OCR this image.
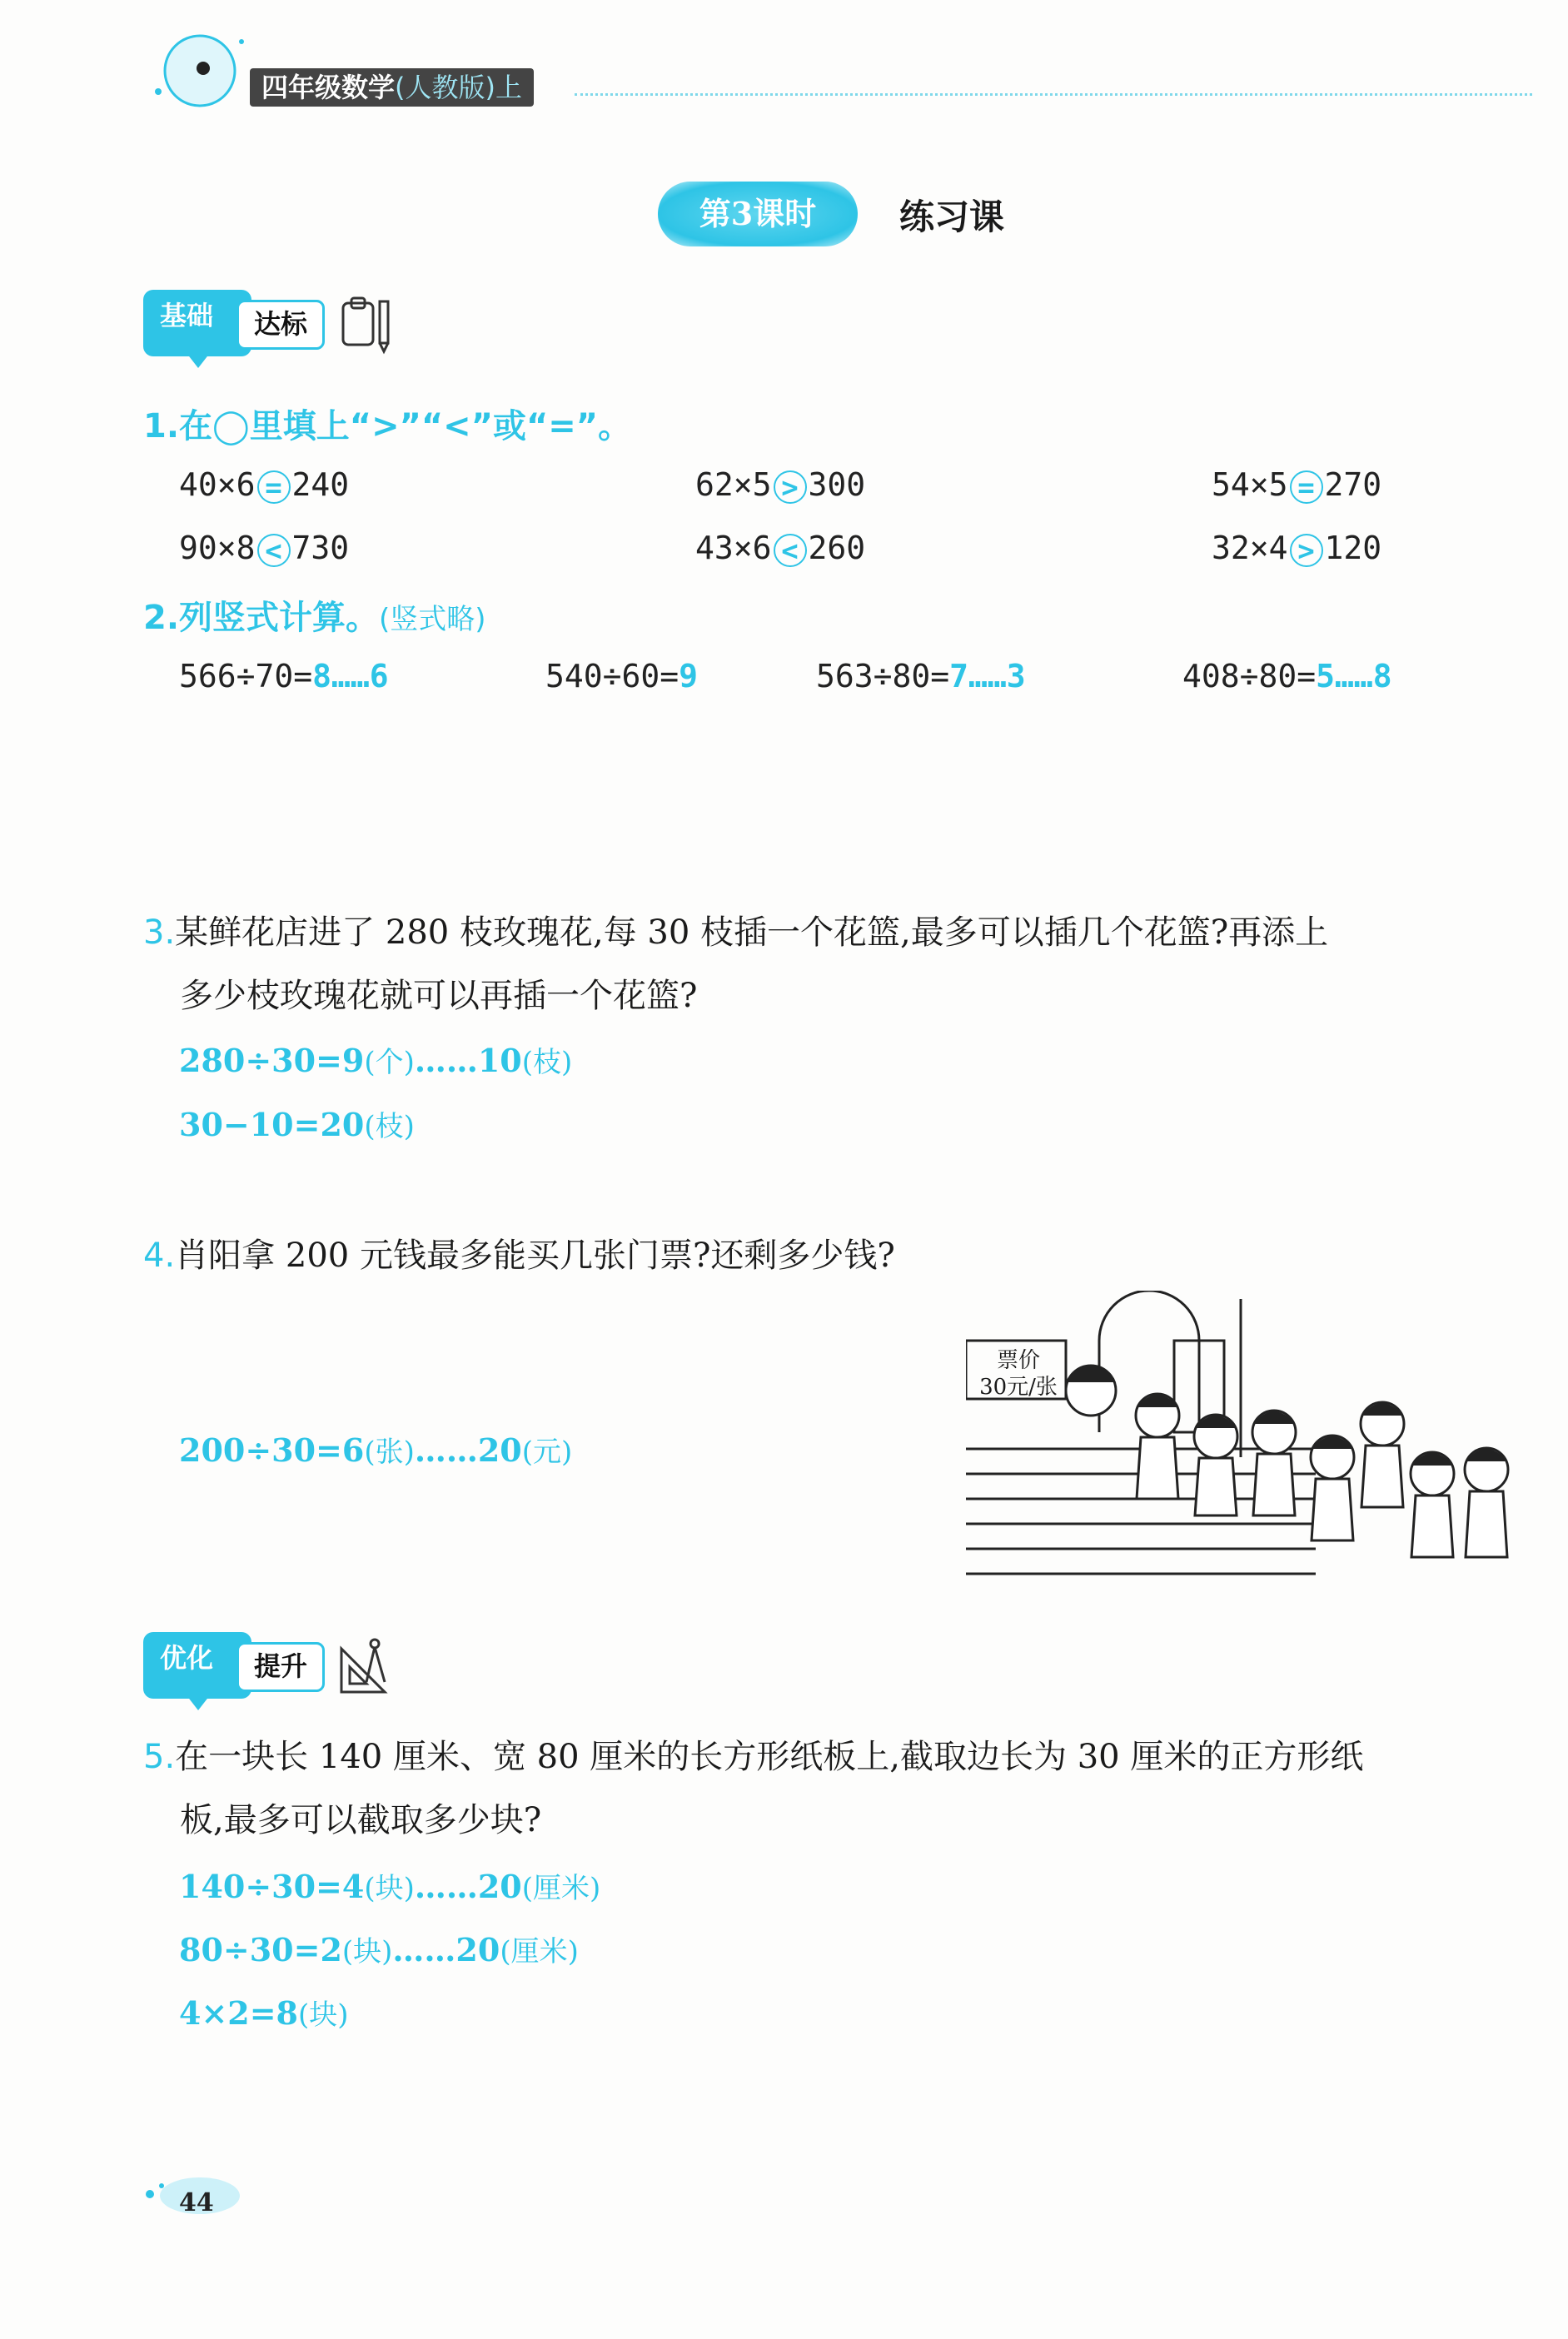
四年级数学(人教版)上
第3课时	练习课
基础	达标
1.在◯里填上“>”“<”或“=”。
40×6 = 240	62×5 > 300	54×5 = 270
90×8 < 730	43×6 < 260	32×4 > 120
2.列竖式计算。(竖式略)
566÷70=8……6	540÷60=9	563÷80=7……3	408÷80=5……8
3.某鲜花店进了 280 枝玫瑰花,每 30 枝插一个花篮,最多可以插几个花篮?再添上
多少枝玫瑰花就可以再插一个花篮?
280÷30=9(个)……10(枝)
30−10=20(枝)
4.肖阳拿 200 元钱最多能买几张门票?还剩多少钱?
200÷30=6(张)……20(元)
票价
30元/张
优化	提升
5.在一块长 140 厘米、宽 80 厘米的长方形纸板上,截取边长为 30 厘米的正方形纸
板,最多可以截取多少块?
140÷30=4(块)……20(厘米)
80÷30=2(块)……20(厘米)
4×2=8(块)
44
